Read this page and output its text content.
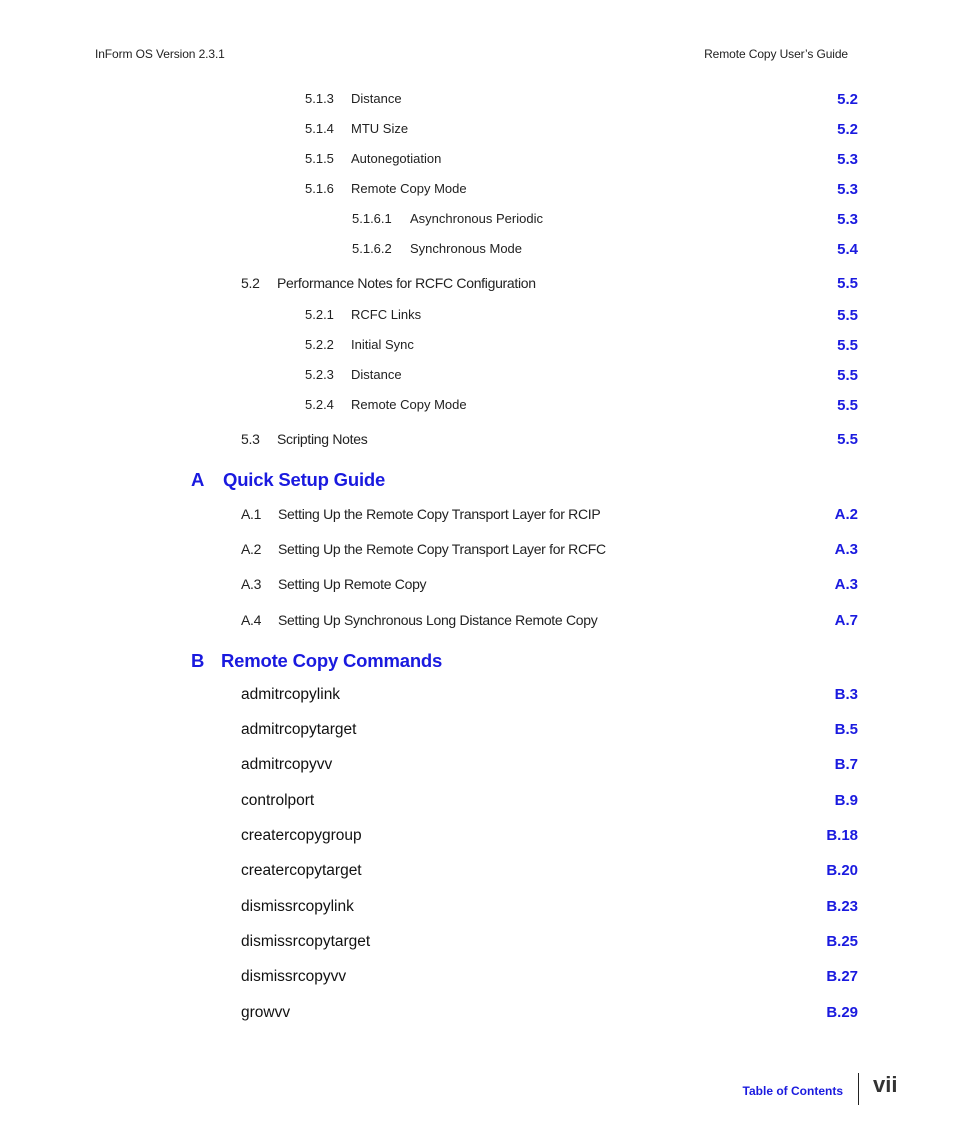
InForm OS Version 2.3.1	Remote Copy User’s Guide
5.1.3 Distance	5.2
5.1.4 MTU Size	5.2
5.1.5 Autonegotiation	5.3
5.1.6 Remote Copy Mode	5.3
5.1.6.1 Asynchronous Periodic	5.3
5.1.6.2 Synchronous Mode	5.4
5.2 Performance Notes for RCFC Configuration	5.5
5.2.1 RCFC Links	5.5
5.2.2 Initial Sync	5.5
5.2.3 Distance	5.5
5.2.4 Remote Copy Mode	5.5
5.3 Scripting Notes	5.5
A Quick Setup Guide
A.1 Setting Up the Remote Copy Transport Layer for RCIP	A.2
A.2 Setting Up the Remote Copy Transport Layer for RCFC	A.3
A.3 Setting Up Remote Copy	A.3
A.4 Setting Up Synchronous Long Distance Remote Copy	A.7
B Remote Copy Commands
admitrcopylink	B.3
admitrcopytarget	B.5
admitrcopyvv	B.7
controlport	B.9
creatercopygroup	B.18
creatercopytarget	B.20
dismissrcopylink	B.23
dismissrcopytarget	B.25
dismissrcopyvv	B.27
growvv	B.29
Table of Contents vii
